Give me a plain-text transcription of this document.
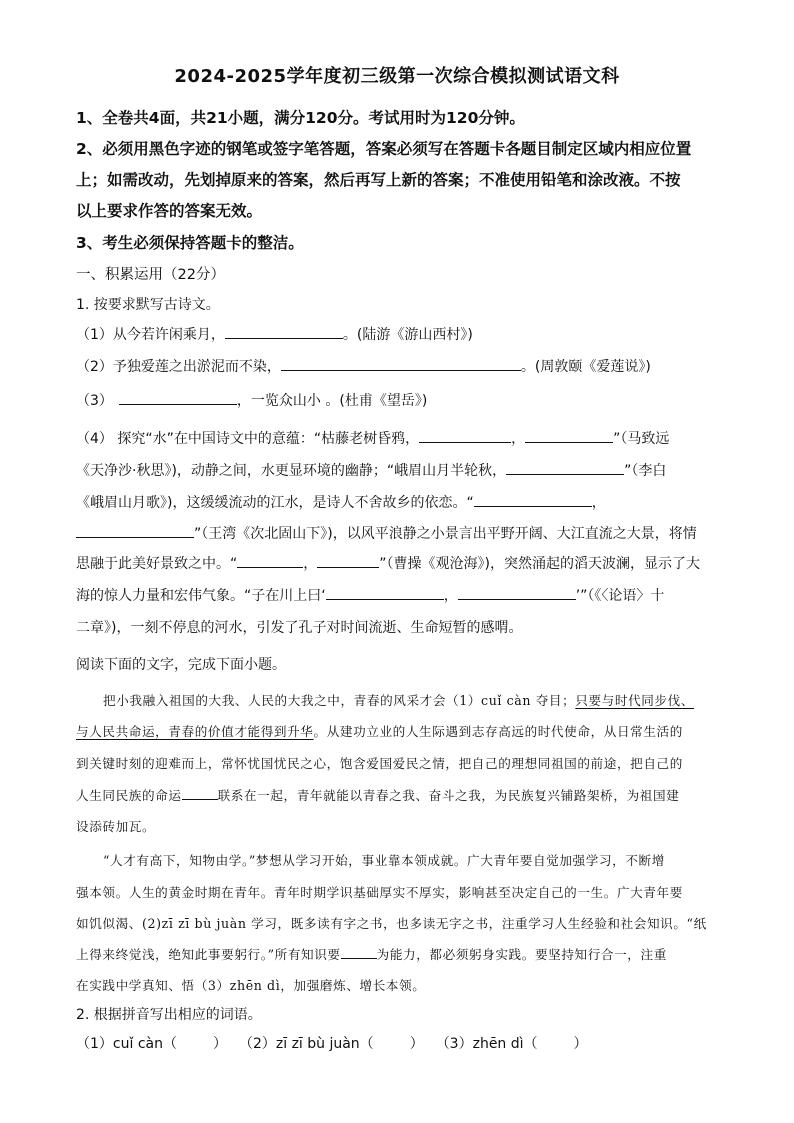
2024-2025学年度初三级第一次综合模拟测试语文科
1、全卷共4面，共21小题，满分120分。考试用时为120分钟。
2、必须用黑色字迹的钢笔或签字笔答题，答案必须写在答题卡各题目制定区域内相应位置
上；如需改动，先划掉原来的答案，然后再写上新的答案；不准使用铅笔和涂改液。不按
以上要求作答的答案无效。
3、考生必须保持答题卡的整洁。
一、积累运用（22分）
1. 按要求默写古诗文。
（1）从今若许闲乘月，	。(陆游《游山西村》)
（2）予独爱莲之出淤泥而不染，	。(周敦颐《爱莲说》)
（3）	，一览众山小 。(杜甫《望岳》)
（4） 探究“水”在中国诗文中的意蕴：“枯藤老树昏鸦，	，	”（马致远
《天净沙·秋思》)，动静之间，水更显环境的幽静；“峨眉山月半轮秋，	”（李白
《峨眉山月歌》)，这缓缓流动的江水，是诗人不舍故乡的依恋。“	，
”（王湾《次北固山下》)，以风平浪静之小景言出平野开阔、大江直流之大景，将情
思融于此美好景致之中。“	，	”（曹操《观沧海》)，突然涌起的滔天波澜，显示了大
海的惊人力量和宏伟气象。“子在川上曰‘	，	’”（《〈论语〉十
二章》)，一刻不停息的河水，引发了孔子对时间流逝、生命短暂的感喟。
阅读下面的文字，完成下面小题。
把小我融入祖国的大我、人民的大我之中，青春的风采才会（1）cuǐ càn 夺目；只要与时代同步伐、
与人民共命运，青春的价值才能得到升华。从建功立业的人生际遇到志存高远的时代使命，从日常生活的
到关键时刻的迎难而上，常怀忧国忧民之心，饱含爱国爱民之情，把自己的理想同祖国的前途，把自己的
人生同民族的命运	联系在一起，青年就能以青春之我、奋斗之我，为民族复兴铺路架桥，为祖国建
设添砖加瓦。
“人才有高下，知物由学。”梦想从学习开始，事业靠本领成就。广大青年要自觉加强学习，不断增
强本领。人生的黄金时期在青年。青年时期学识基础厚实不厚实，影响甚至决定自己的一生。广大青年要
如饥似渴、(2)zī zī bù juàn 学习，既多读有字之书，也多读无字之书，注重学习人生经验和社会知识。“纸
上得来终觉浅，绝知此事要躬行。”所有知识要	为能力，都必须躬身实践。要坚持知行合一，注重
在实践中学真知、悟（3）zhēn dì，加强磨炼、增长本领。
2. 根据拼音写出相应的词语。
（1）cuǐ càn（	） （2）zī zī bù juàn（	） （3）zhēn dì（	）
